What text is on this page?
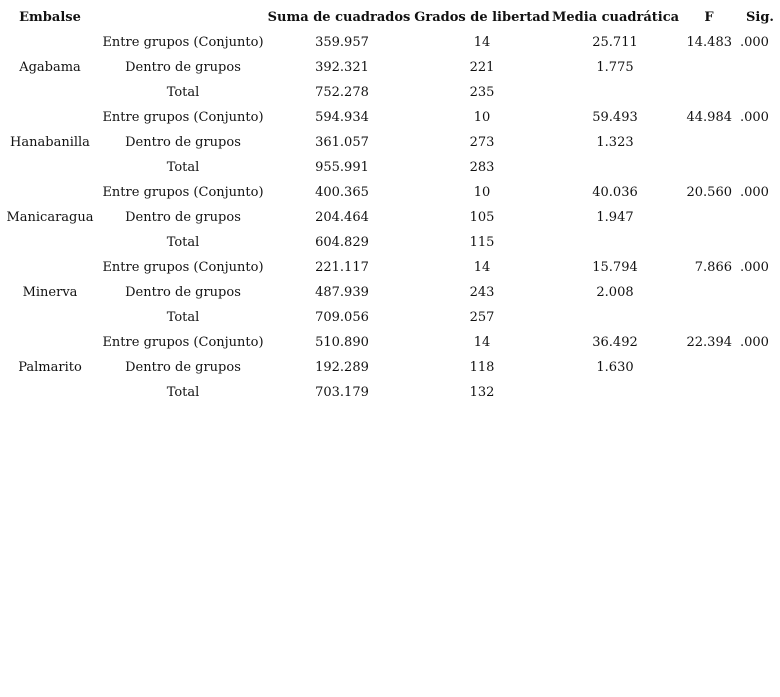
Embalse		Suma de cuadrados	Grados de libertad	Media cuadrática	F	Sig.
Agabama	Entre grupos (Conjunto)	359.957	14	25.711	14.483	.000
	Dentro de grupos	392.321	221	1.775		
	Total	752.278	235			
Hanabanilla	Entre grupos (Conjunto)	594.934	10	59.493	44.984	.000
	Dentro de grupos	361.057	273	1.323		
	Total	955.991	283			
Manicaragua	Entre grupos (Conjunto)	400.365	10	40.036	20.560	.000
	Dentro de grupos	204.464	105	1.947		
	Total	604.829	115			
Minerva	Entre grupos (Conjunto)	221.117	14	15.794	7.866	.000
	Dentro de grupos	487.939	243	2.008		
	Total	709.056	257			
Palmarito	Entre grupos (Conjunto)	510.890	14	36.492	22.394	.000
	Dentro de grupos	192.289	118	1.630		
	Total	703.179	132			
